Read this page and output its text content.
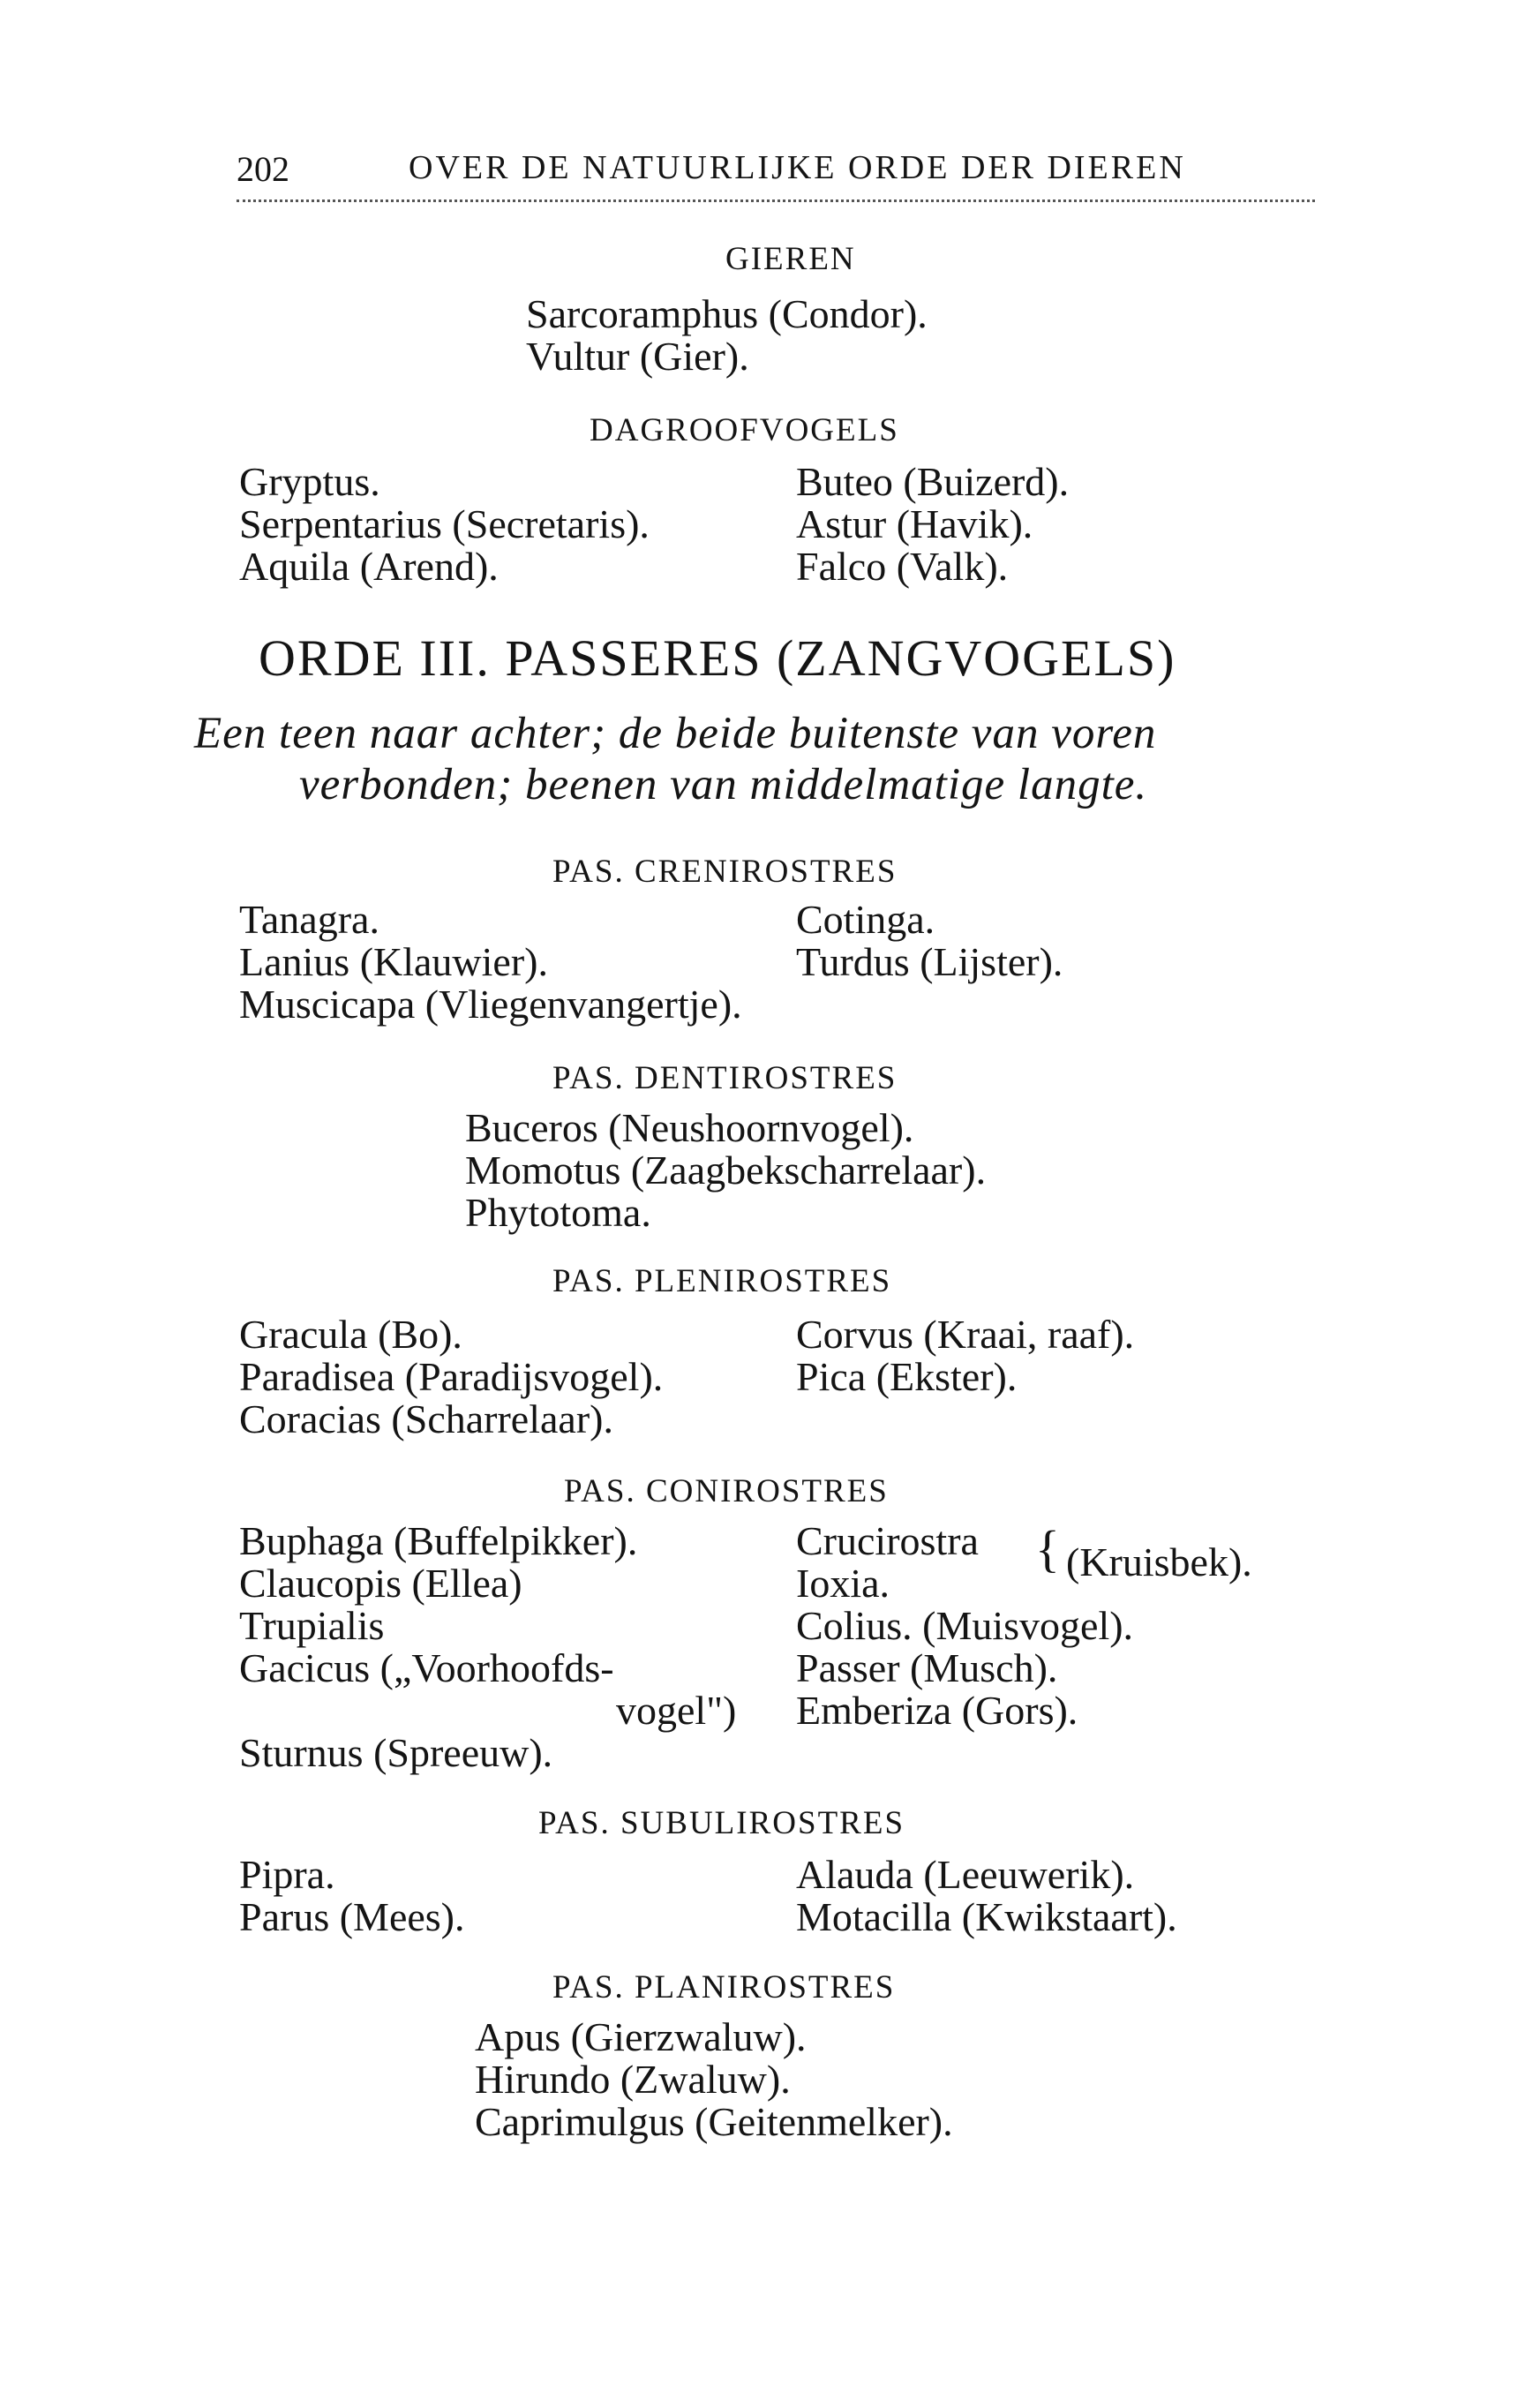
202	OVER DE NATUURLIJKE ORDE DER DIEREN
GIEREN
Sarcoramphus (Condor).
Vultur (Gier).
DAGROOFVOGELS
Gryptus.
Serpentarius (Secretaris).
Aquila (Arend).
Buteo (Buizerd).
Astur (Havik).
Falco (Valk).
ORDE III. PASSERES (ZANGVOGELS)
Een teen naar achter; de beide buitenste van voren
verbonden; beenen van middelmatige langte.
PAS. CRENIROSTRES
Tanagra.
Lanius (Klauwier).
Cotinga.
Turdus (Lijster).
Muscicapa (Vliegenvangertje).
PAS. DENTIROSTRES
Buceros (Neushoornvogel).
Momotus (Zaagbekscharrelaar).
Phytotoma.
PAS. PLENIROSTRES
Gracula (Bo).
Paradisea (Paradijsvogel).
Coracias (Scharrelaar).
Corvus (Kraai, raaf).
Pica (Ekster).
PAS. CONIROSTRES
Buphaga (Buffelpikker).
Claucopis (Ellea)
Trupialis
Gacicus („Voorhoofds-
vogel")
Sturnus (Spreeuw).
Crucirostra
Ioxia.
Colius. (Muisvogel).
Passer (Musch).
Emberiza (Gors).
{ (Kruisbek).
PAS. SUBULIROSTRES
Pipra.
Parus (Mees).
Alauda (Leeuwerik).
Motacilla (Kwikstaart).
PAS. PLANIROSTRES
Apus (Gierzwaluw).
Hirundo (Zwaluw).
Caprimulgus (Geitenmelker).
